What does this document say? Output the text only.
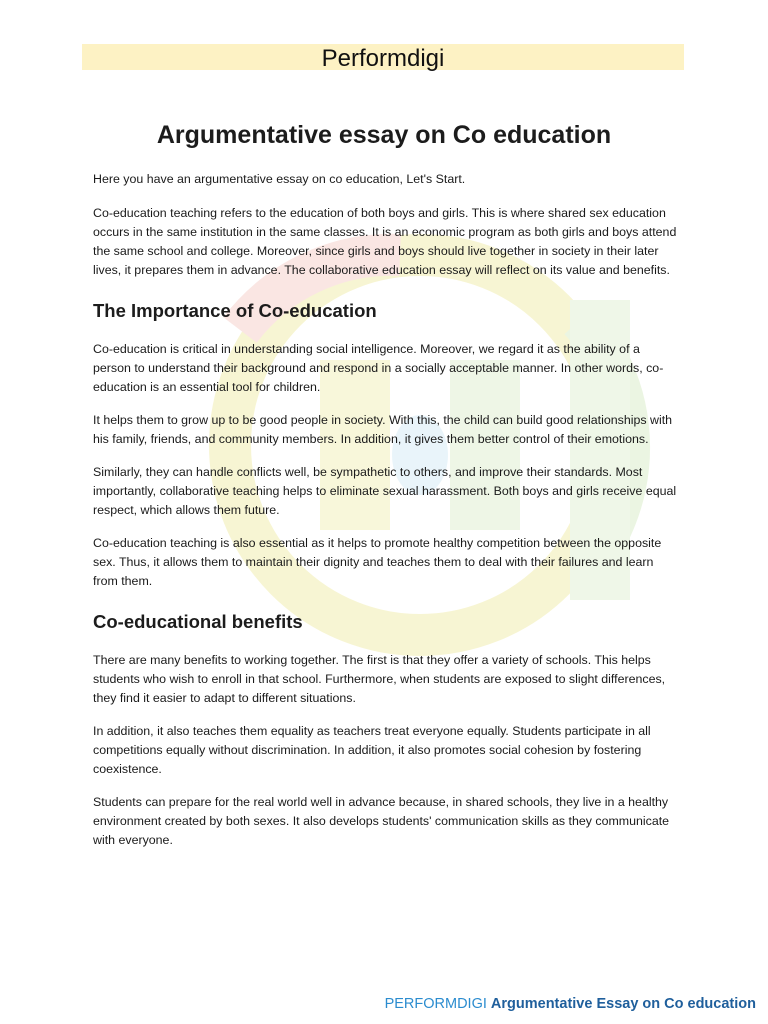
Performdigi
Argumentative essay on Co education

Here you have an argumentative essay on co education, Let's Start.

Co-education teaching refers to the education of both boys and girls. This is where shared sex education occurs in the same institution in the same classes. It is an economic program as both girls and boys attend the same school and college. Moreover, since girls and boys should live together in society in their later lives, it prepares them in advance. The collaborative education essay will reflect on its value and benefits.

The Importance of Co-education

Co-education is critical in understanding social intelligence. Moreover, we regard it as the ability of a person to understand their background and respond in a socially acceptable manner. In other words, co-education is an essential tool for children.

It helps them to grow up to be good people in society. With this, the child can build good relationships with his family, friends, and community members. In addition, it gives them better control of their emotions.

Similarly, they can handle conflicts well, be sympathetic to others, and improve their standards. Most importantly, collaborative teaching helps to eliminate sexual harassment. Both boys and girls receive equal respect, which allows them future.

Co-education teaching is also essential as it helps to promote healthy competition between the opposite sex. Thus, it allows them to maintain their dignity and teaches them to deal with their failures and learn from them.

Co-educational benefits

There are many benefits to working together. The first is that they offer a variety of schools. This helps students who wish to enroll in that school. Furthermore, when students are exposed to slight differences, they find it easier to adapt to different situations.

In addition, it also teaches them equality as teachers treat everyone equally. Students participate in all competitions equally without discrimination. In addition, it also promotes social cohesion by fostering coexistence.

Students can prepare for the real world well in advance because, in shared schools, they live in a healthy environment created by both sexes. It also develops students' communication skills as they communicate with everyone.

PERFORMDIGI Argumentative Essay on Co education
